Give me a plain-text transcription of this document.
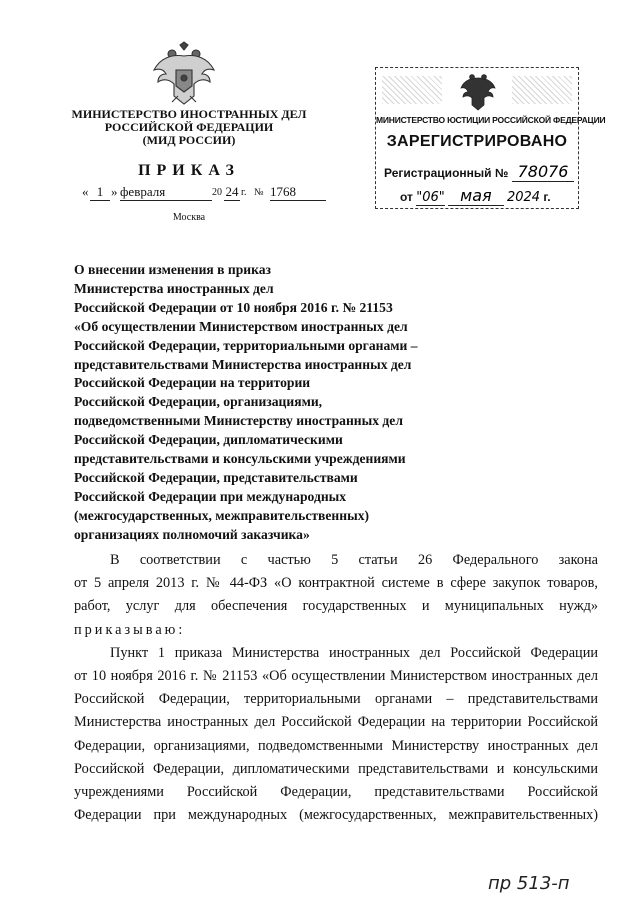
МИНИСТЕРСТВО ИНОСТРАННЫХ ДЕЛ
РОССИЙСКОЙ ФЕДЕРАЦИИ
(МИД РОССИИ)
ПРИКАЗ
« 1 » февраля	20 24 г. № 1768
Москва
МИНИСТЕРСТВО ЮСТИЦИИ РОССИЙСКОЙ ФЕДЕРАЦИИ
ЗАРЕГИСТРИРОВАНО
Регистрационный № 78076
от "06" мая 2024 г.
О внесении изменения в приказ
Министерства иностранных дел
Российской Федерации от 10 ноября 2016 г. № 21153
«Об осуществлении Министерством иностранных дел
Российской Федерации, территориальными органами –
представительствами Министерства иностранных дел
Российской Федерации на территории
Российской Федерации, организациями,
подведомственными Министерству иностранных дел
Российской Федерации, дипломатическими
представительствами и консульскими учреждениями
Российской Федерации, представительствами
Российской Федерации при международных
(межгосударственных, межправительственных)
организациях полномочий заказчика»
В соответствии с частью 5 статьи 26 Федерального закона
от 5 апреля 2013 г. № 44-ФЗ «О контрактной системе в сфере закупок товаров,
работ, услуг для обеспечения государственных и муниципальных нужд»
приказываю:
Пункт 1 приказа Министерства иностранных дел Российской Федерации
от 10 ноября 2016 г. № 21153 «Об осуществлении Министерством иностранных дел
Российской Федерации, территориальными органами – представительствами
Министерства иностранных дел Российской Федерации на территории Российской
Федерации, организациями, подведомственными Министерству иностранных дел
Российской Федерации, дипломатическими представительствами и консульскими
учреждениями Российской Федерации, представительствами Российской
Федерации при международных (межгосударственных, межправительственных)
пр 513-п
